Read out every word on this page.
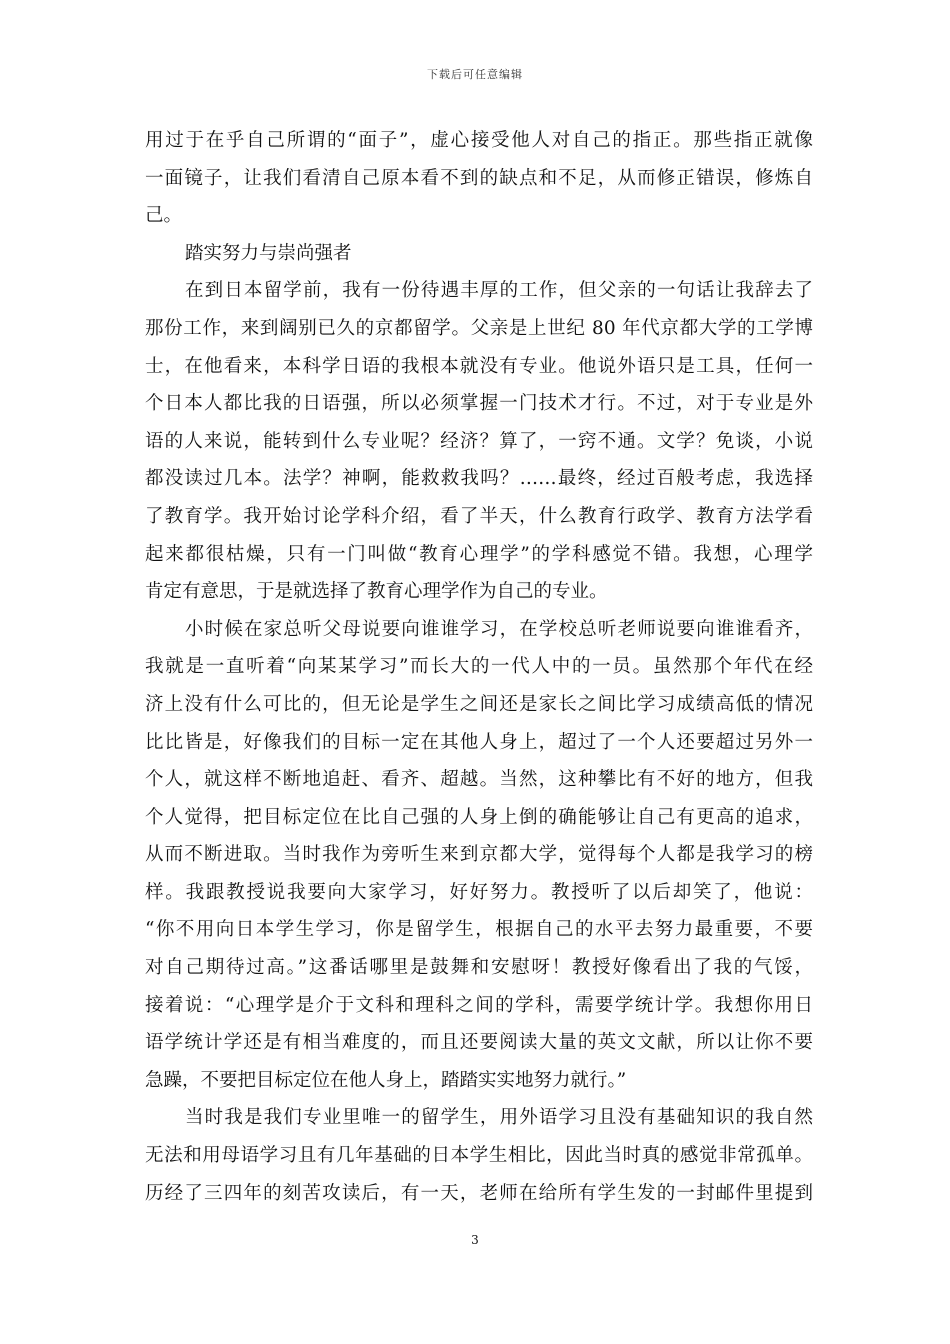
下载后可任意编辑
用过于在乎自己所谓的“面子”，虚心接受他人对自己的指正。那些指正就像
一面镜子，让我们看清自己原本看不到的缺点和不足，从而修正错误，修炼自
己。
踏实努力与崇尚强者
在到日本留学前，我有一份待遇丰厚的工作，但父亲的一句话让我辞去了
那份工作，来到阔别已久的京都留学。父亲是上世纪 80 年代京都大学的工学博
士，在他看来，本科学日语的我根本就没有专业。他说外语只是工具，任何一
个日本人都比我的日语强，所以必须掌握一门技术才行。不过，对于专业是外
语的人来说，能转到什么专业呢？经济？算了，一窍不通。文学？免谈，小说
都没读过几本。法学？神啊，能救救我吗？……最终，经过百般考虑，我选择
了教育学。我开始讨论学科介绍，看了半天，什么教育行政学、教育方法学看
起来都很枯燥，只有一门叫做“教育心理学”的学科感觉不错。我想，心理学
肯定有意思，于是就选择了教育心理学作为自己的专业。
小时候在家总听父母说要向谁谁学习，在学校总听老师说要向谁谁看齐，
我就是一直听着“向某某学习”而长大的一代人中的一员。虽然那个年代在经
济上没有什么可比的，但无论是学生之间还是家长之间比学习成绩高低的情况
比比皆是，好像我们的目标一定在其他人身上，超过了一个人还要超过另外一
个人，就这样不断地追赶、看齐、超越。当然，这种攀比有不好的地方，但我
个人觉得，把目标定位在比自己强的人身上倒的确能够让自己有更高的追求，
从而不断进取。当时我作为旁听生来到京都大学，觉得每个人都是我学习的榜
样。我跟教授说我要向大家学习，好好努力。教授听了以后却笑了，他说：
“你不用向日本学生学习，你是留学生，根据自己的水平去努力最重要，不要
对自己期待过高。”这番话哪里是鼓舞和安慰呀！教授好像看出了我的气馁，
接着说：“心理学是介于文科和理科之间的学科，需要学统计学。我想你用日
语学统计学还是有相当难度的，而且还要阅读大量的英文文献，所以让你不要
急躁，不要把目标定位在他人身上，踏踏实实地努力就行。”
当时我是我们专业里唯一的留学生，用外语学习且没有基础知识的我自然
无法和用母语学习且有几年基础的日本学生相比，因此当时真的感觉非常孤单。
历经了三四年的刻苦攻读后，有一天，老师在给所有学生发的一封邮件里提到
3
